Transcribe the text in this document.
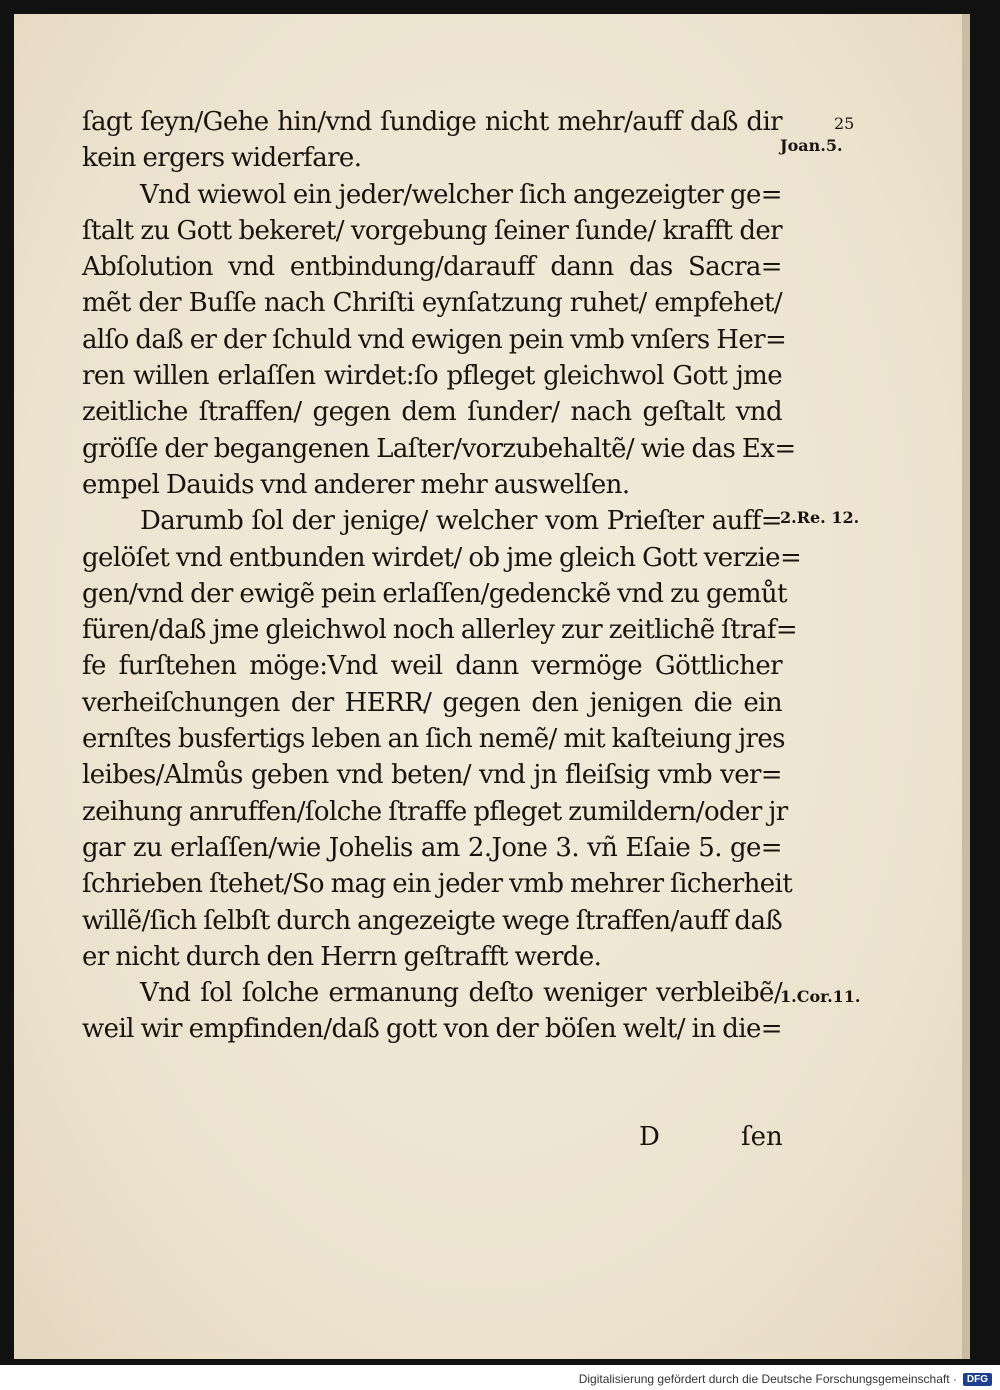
25
ſagt ſeyn/Gehe hin/vnd ſundige nicht mehr/auff daß dir
kein ergers widerfare.
Vnd wiewol ein jeder/welcher ſich angezeigter ge=
ſtalt zu Gott bekeret/ vorgebung ſeiner ſunde/ krafft der
Abſolution vnd entbindung/darauff dann das Sacra=
mẽt der Buſſe nach Chriſti eynſatzung ruhet/ empfehet/
alſo daß er der ſchuld vnd ewigen pein vmb vnſers Her=
ren willen erlaſſen wirdet:ſo pfleget gleichwol Gott jme
zeitliche ſtraffen/ gegen dem ſunder/ nach geſtalt vnd
gröſſe der begangenen Laſter/vorzubehaltẽ/ wie das Ex=
empel Dauids vnd anderer mehr auswelſen.
Darumb ſol der jenige/ welcher vom Prieſter auff=
gelöſet vnd entbunden wirdet/ ob jme gleich Gott verzie=
gen/vnd der ewigẽ pein erlaſſen/gedenckẽ vnd zu gemůt
füren/daß jme gleichwol noch allerley zur zeitlichẽ ſtraf=
fe furſtehen möge:Vnd weil dann vermöge Göttlicher
verheiſchungen der HERR/ gegen den jenigen die ein
ernſtes busfertigs leben an ſich nemẽ/ mit kaſteiung jres
leibes/Almůs geben vnd beten/ vnd jn fleiſsig vmb ver=
zeihung anruffen/ſolche ſtraffe pfleget zumildern/oder jr
gar zu erlaſſen/wie Johelis am 2.Jone 3. vñ Eſaie 5. ge=
ſchrieben ſtehet/So mag ein jeder vmb mehrer ſicherheit
willẽ/ſich ſelbſt durch angezeigte wege ſtraffen/auff daß
er nicht durch den Herrn geſtrafft werde.
Vnd ſol ſolche ermanung deſto weniger verbleibẽ/
weil wir empfinden/daß gott von der böſen welt/ in die=
D	ſen
Joan.5.
2.Re. 12.
1.Cor.11.
Digitalisierung gefördert durch die Deutsche Forschungsgemeinschaft ·	DFG
